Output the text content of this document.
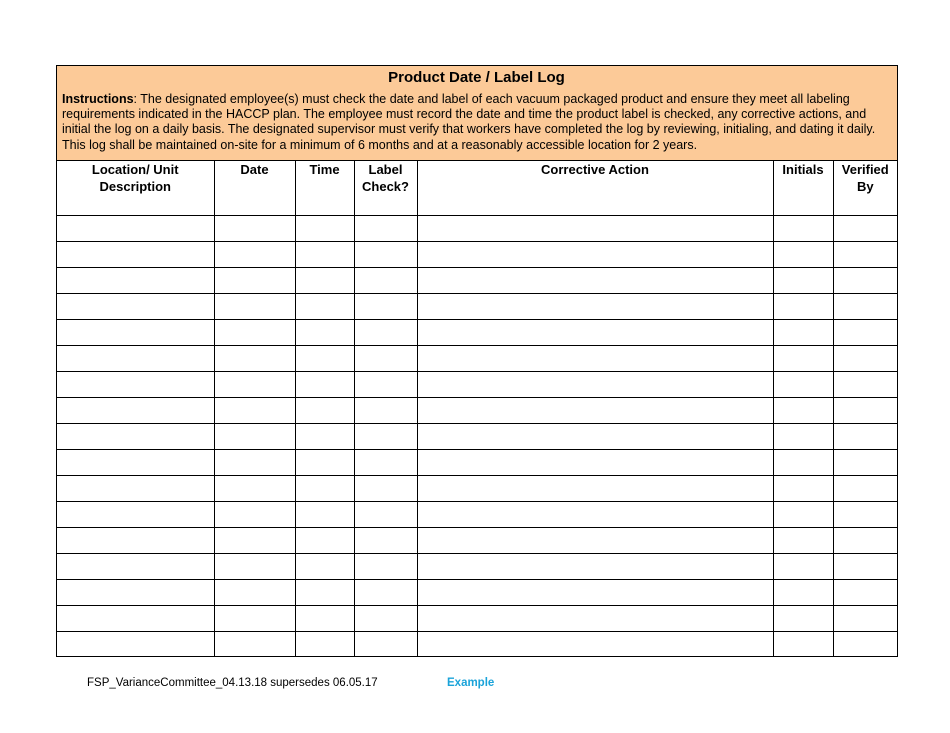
Product Date / Label Log
Instructions: The designated employee(s) must check the date and label of each vacuum packaged product and ensure they meet all labeling requirements indicated in the HACCP plan. The employee must record the date and time the product label is checked, any corrective actions, and initial the log on a daily basis. The designated supervisor must verify that workers have completed the log by reviewing, initialing, and dating it daily. This log shall be maintained on-site for a minimum of 6 months and at a reasonably accessible location for 2 years.
Location/ Unit Description	Date	Time	Label Check?	Corrective Action	Initials	Verified By

FSP_VarianceCommittee_04.13.18 supersedes 06.05.17	Example
